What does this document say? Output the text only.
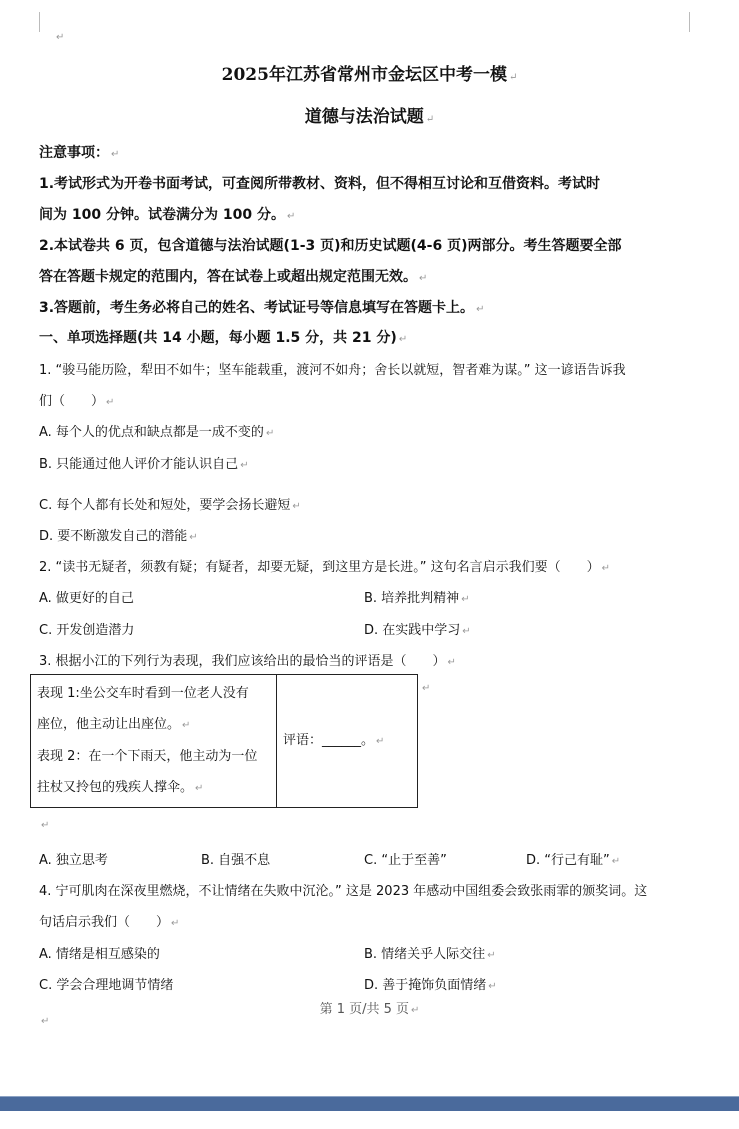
↵
2025年江苏省常州市金坛区中考一模 ↵
道德与法治试题 ↵
注意事项： ↵
1.考试形式为开卷书面考试，可查阅所带教材、资料，但不得相互讨论和互借资料。考试时
间为 100 分钟。试卷满分为 100 分。 ↵
2.本试卷共 6 页，包含道德与法治试题(1-3 页)和历史试题(4-6 页)两部分。考生答题要全部
答在答题卡规定的范围内，答在试卷上或超出规定范围无效。 ↵
3.答题前，考生务必将自己的姓名、考试证号等信息填写在答题卡上。 ↵
一、单项选择题(共 14 小题，每小题 1.5 分，共 21 分) ↵
1. “骏马能历险，犁田不如牛；坚车能载重，渡河不如舟；舍长以就短，智者难为谋。” 这一谚语告诉我
们（　　） ↵
A. 每个人的优点和缺点都是一成不变的 ↵
B. 只能通过他人评价才能认识自己 ↵
C. 每个人都有长处和短处，要学会扬长避短 ↵
D. 要不断激发自己的潜能 ↵
2. “读书无疑者，须教有疑；有疑者，却要无疑，到这里方是长进。” 这句名言启示我们要（　　） ↵
A. 做更好的自己	B. 培养批判精神 ↵
C. 开发创造潜力	D. 在实践中学习 ↵
3. 根据小江的下列行为表现，我们应该给出的最恰当的评语是（　　） ↵
表现 1:坐公交车时看到一位老人没有
座位，他主动让出座位。 ↵
表现 2：在一个下雨天，他主动为一位
拄杖又拎包的残疾人撑伞。 ↵
	评语：______。 ↵
↵
↵
A. 独立思考	B. 自强不息	C. “止于至善”	D. “行己有耻” ↵
4. 宁可肌肉在深夜里燃烧，不让情绪在失败中沉沦。” 这是 2023 年感动中国组委会致张雨霏的颁奖词。这
句话启示我们（　　） ↵
A. 情绪是相互感染的	B. 情绪关乎人际交往 ↵
C. 学会合理地调节情绪	D. 善于掩饰负面情绪 ↵
第 1 页/共 5 页 ↵
↵
